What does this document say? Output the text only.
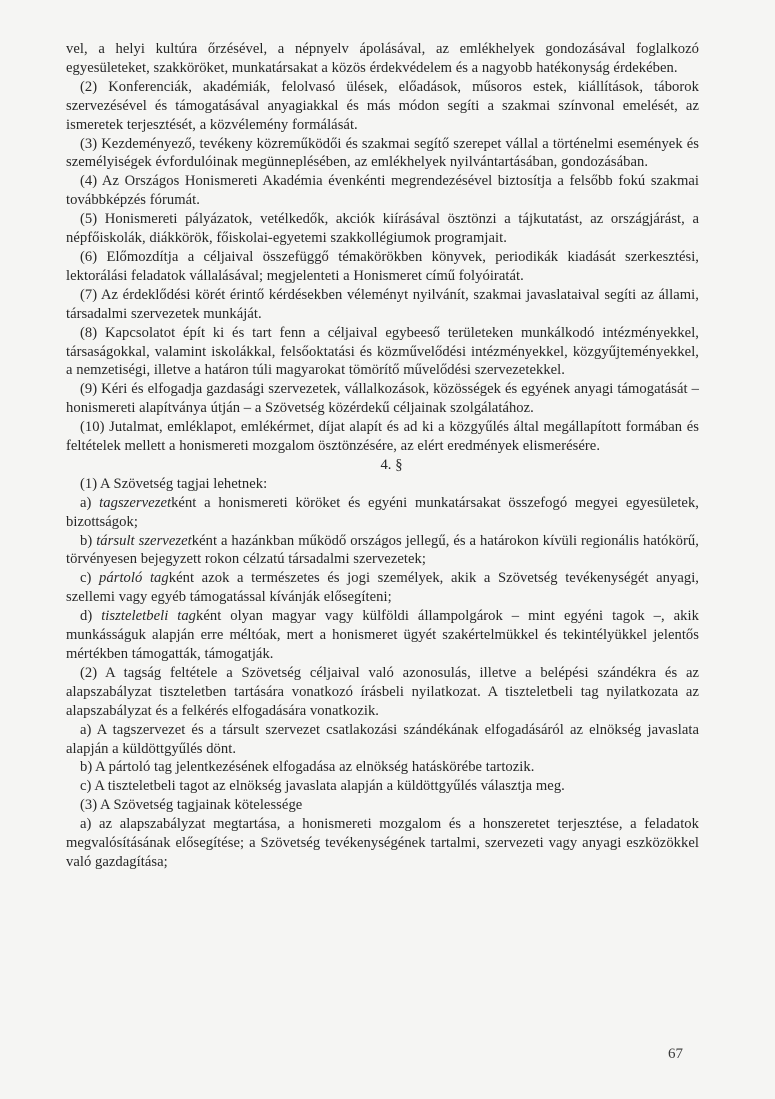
vel, a helyi kultúra őrzésével, a népnyelv ápolásával, az emlékhelyek gondozásával foglalkozó egyesületeket, szakköröket, munkatársakat a közös érdekvédelem és a nagyobb hatékonyság érdekében.

(2) Konferenciák, akadémiák, felolvasó ülések, előadások, műsoros estek, kiállítások, táborok szervezésével és támogatásával anyagiakkal és más módon segíti a szakmai színvonal emelését, az ismeretek terjesztését, a közvélemény formálását.

(3) Kezdeményező, tevékeny közreműködői és szakmai segítő szerepet vállal a történelmi események és személyiségek évfordulóinak megünneplésében, az emlékhelyek nyilvántartásában, gondozásában.

(4) Az Országos Honismereti Akadémia évenkénti megrendezésével biztosítja a felsőbb fokú szakmai továbbképzés fórumát.

(5) Honismereti pályázatok, vetélkedők, akciók kiírásával ösztönzi a tájkutatást, az országjárást, a népfőiskolák, diákkörök, főiskolai-egyetemi szakkollégiumok programjait.

(6) Előmozdítja a céljaival összefüggő témakörökben könyvek, periodikák kiadását szerkesztési, lektorálási feladatok vállalásával; megjelenteti a Honismeret című folyóiratát.

(7) Az érdeklődési körét érintő kérdésekben véleményt nyilvánít, szakmai javaslataival segíti az állami, társadalmi szervezetek munkáját.

(8) Kapcsolatot épít ki és tart fenn a céljaival egybeeső területeken munkálkodó intézményekkel, társaságokkal, valamint iskolákkal, felsőoktatási és közművelődési intézményekkel, közgyűjteményekkel, a nemzetiségi, illetve a határon túli magyarokat tömörítő művelődési szervezetekkel.

(9) Kéri és elfogadja gazdasági szervezetek, vállalkozások, közösségek és egyének anyagi támogatását – honismereti alapítványa útján – a Szövetség közérdekű céljainak szolgálatához.

(10) Jutalmat, emléklapot, emlékérmet, díjat alapít és ad ki a közgyűlés által megállapított formában és feltételek mellett a honismereti mozgalom ösztönzésére, az elért eredmények elismerésére.

4. §

(1) A Szövetség tagjai lehetnek:

a) tagszervezetként a honismereti köröket és egyéni munkatársakat összefogó megyei egyesületek, bizottságok;

b) társult szervezetként a hazánkban működő országos jellegű, és a határokon kívüli regionális hatókörű, törvényesen bejegyzett rokon célzatú társadalmi szervezetek;

c) pártoló tagként azok a természetes és jogi személyek, akik a Szövetség tevékenységét anyagi, szellemi vagy egyéb támogatással kívánják elősegíteni;

d) tiszteletbeli tagként olyan magyar vagy külföldi állampolgárok – mint egyéni tagok –, akik munkásságuk alapján erre méltóak, mert a honismeret ügyét szakértelmükkel és tekintélyükkel jelentős mértékben támogatták, támogatják.

(2) A tagság feltétele a Szövetség céljaival való azonosulás, illetve a belépési szándékra és az alapszabályzat tiszteletben tartására vonatkozó írásbeli nyilatkozat. A tiszteletbeli tag nyilatkozata az alapszabályzat és a felkérés elfogadására vonatkozik.

a) A tagszervezet és a társult szervezet csatlakozási szándékának elfogadásáról az elnökség javaslata alapján a küldöttgyűlés dönt.

b) A pártoló tag jelentkezésének elfogadása az elnökség hatáskörébe tartozik.

c) A tiszteletbeli tagot az elnökség javaslata alapján a küldöttgyűlés választja meg.

(3) A Szövetség tagjainak kötelessége

a) az alapszabályzat megtartása, a honismereti mozgalom és a honszeretet terjesztése, a feladatok megvalósításának elősegítése; a Szövetség tevékenységének tartalmi, szervezeti vagy anyagi eszközökkel való gazdagítása;

67
